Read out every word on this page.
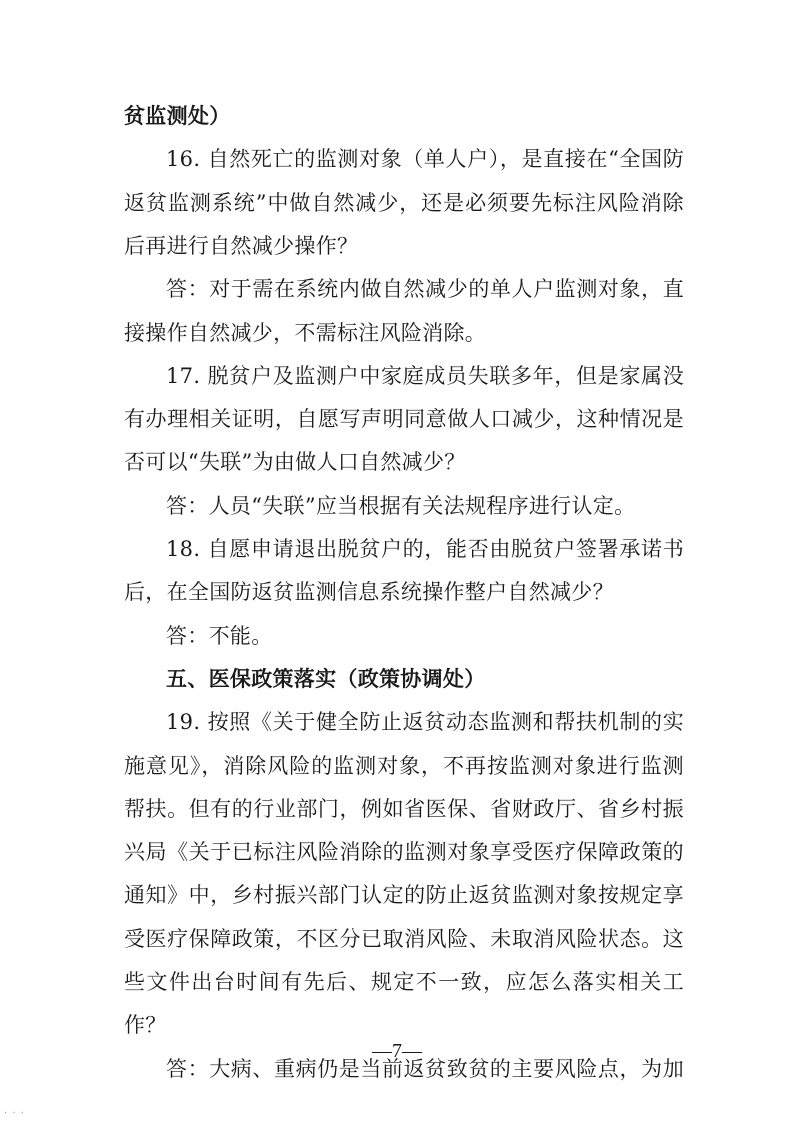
贫监测处）
16. 自然死亡的监测对象（单人户），是直接在“全国防
返贫监测系统”中做自然减少，还是必须要先标注风险消除
后再进行自然减少操作？
答：对于需在系统内做自然减少的单人户监测对象，直
接操作自然减少，不需标注风险消除。
17. 脱贫户及监测户中家庭成员失联多年，但是家属没
有办理相关证明，自愿写声明同意做人口减少，这种情况是
否可以“失联”为由做人口自然减少？
答：人员“失联”应当根据有关法规程序进行认定。
18. 自愿申请退出脱贫户的，能否由脱贫户签署承诺书
后，在全国防返贫监测信息系统操作整户自然减少？
答：不能。
五、医保政策落实（政策协调处）
19. 按照《关于健全防止返贫动态监测和帮扶机制的实
施意见》，消除风险的监测对象，不再按监测对象进行监测
帮扶。但有的行业部门，例如省医保、省财政厅、省乡村振
兴局《关于已标注风险消除的监测对象享受医疗保障政策的
通知》中，乡村振兴部门认定的防止返贫监测对象按规定享
受医疗保障政策，不区分已取消风险、未取消风险状态。这
些文件出台时间有先后、规定不一致，应怎么落实相关工
作？
答：大病、重病仍是当前返贫致贫的主要风险点，为加
—7—
· · ·
